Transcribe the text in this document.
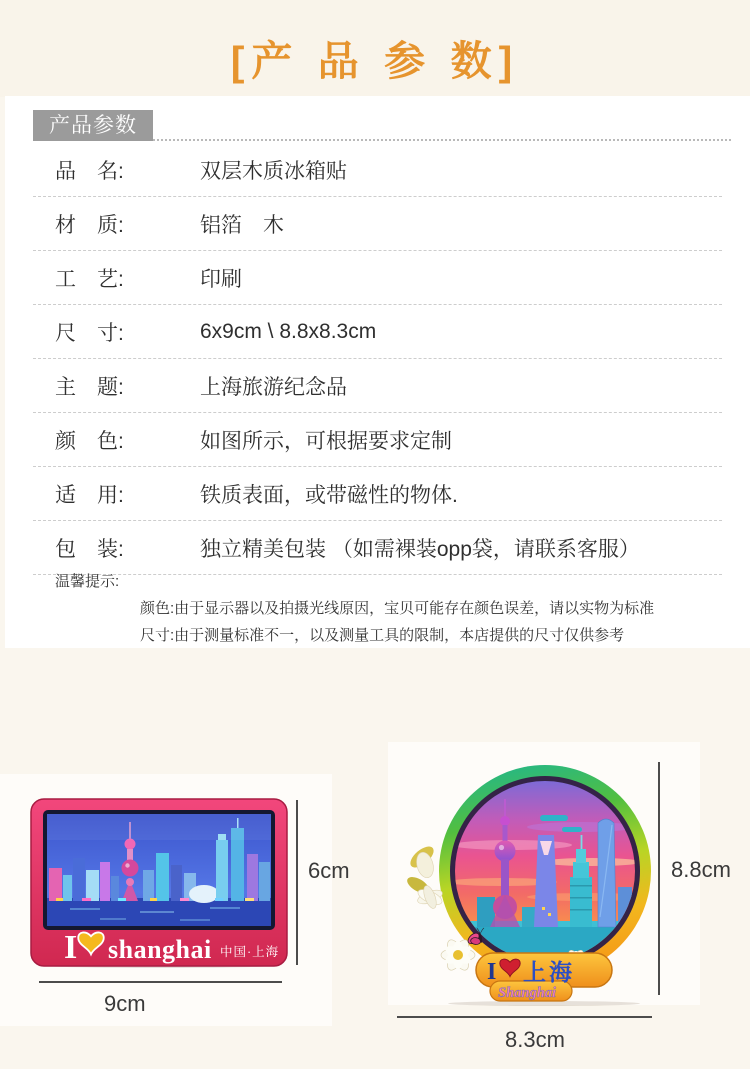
[产 品 参 数]
产品参数
品　名:	双层木质冰箱贴
材　质:	铝箔　木
工　艺:	印刷
尺　寸:	6x9cm \ 8.8x8.3cm
主　题:	上海旅游纪念品
颜　色:	如图所示，可根据要求定制
适　用:	铁质表面，或带磁性的物体.
包　装:	独立精美包装 （如需裸装opp袋，请联系客服）
温馨提示:
颜色:由于显示器以及拍摄光线原因，宝贝可能存在颜色误差，请以实物为标准
尺寸:由于测量标准不一，以及测量工具的限制，本店提供的尺寸仅供参考
I shanghai 中国·上海
I 上海
Shanghai
6cm
9cm
8.8cm
8.3cm
